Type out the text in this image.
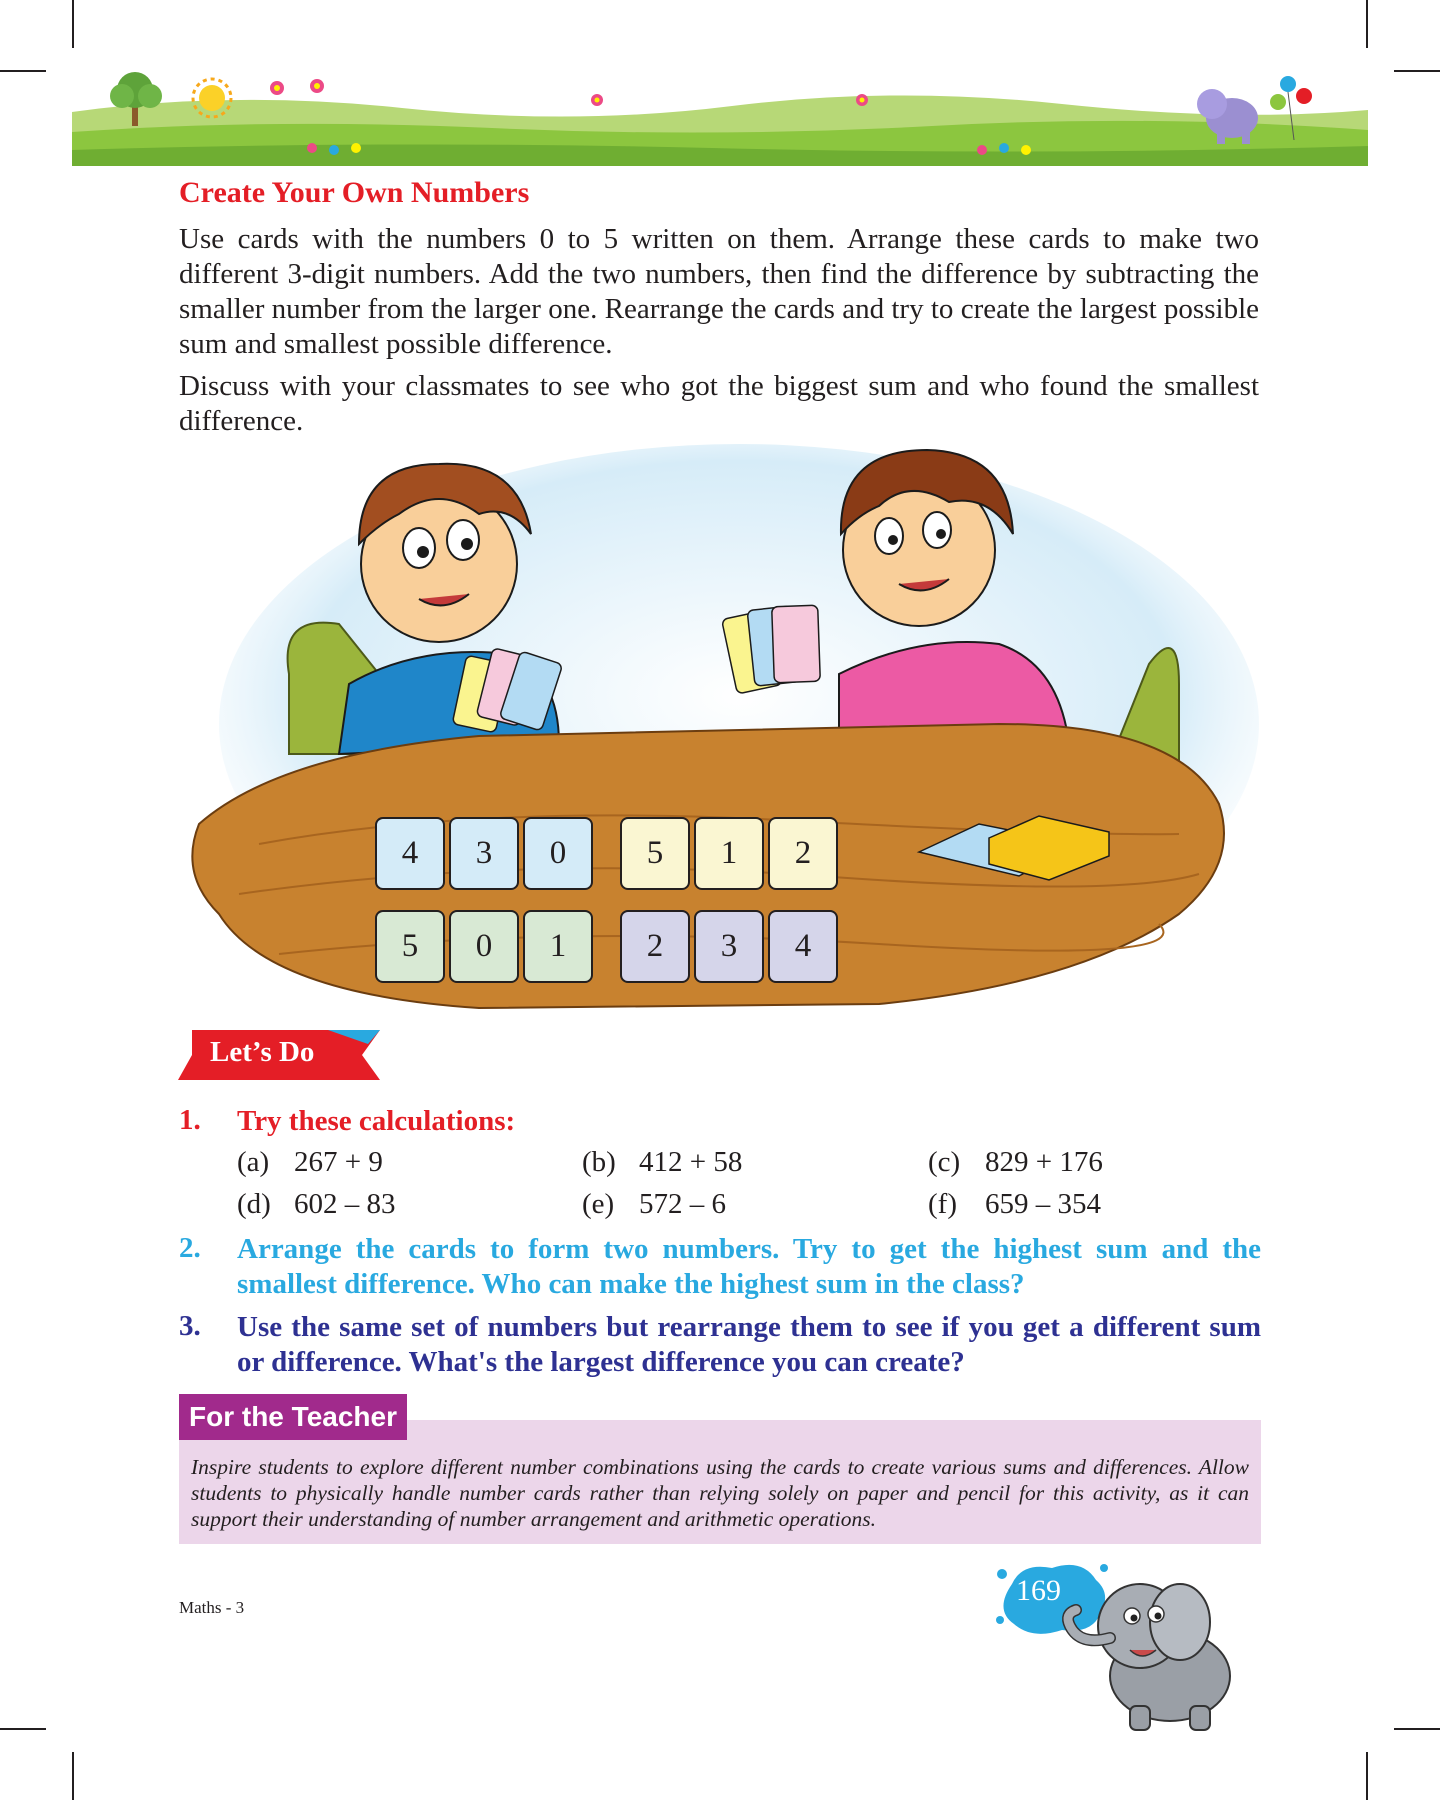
Create Your Own Numbers
Use cards with the numbers 0 to 5 written on them. Arrange these cards to make two different 3-digit numbers. Add the two numbers, then find the difference by subtracting the smaller number from the larger one. Rearrange the cards and try to create the largest possible sum and smallest possible difference.
Discuss with your classmates to see who got the biggest sum and who found the smallest difference.
4 3 0 5 1 2
5 0 1 2 3 4
Let’s Do
1. Try these calculations:
(a) 267 + 9	(b) 412 + 58	(c) 829 + 176
(d) 602 – 83	(e) 572 – 6	(f) 659 – 354
2. Arrange the cards to form two numbers. Try to get the highest sum and the smallest difference. Who can make the highest sum in the class?
3. Use the same set of numbers but rearrange them to see if you get a different sum or difference. What's the largest difference you can create?
For the Teacher
Inspire students to explore different number combinations using the cards to create various sums and differences. Allow students to physically handle number cards rather than relying solely on paper and pencil for this activity, as it can support their understanding of number arrangement and arithmetic operations.
Maths - 3
169
